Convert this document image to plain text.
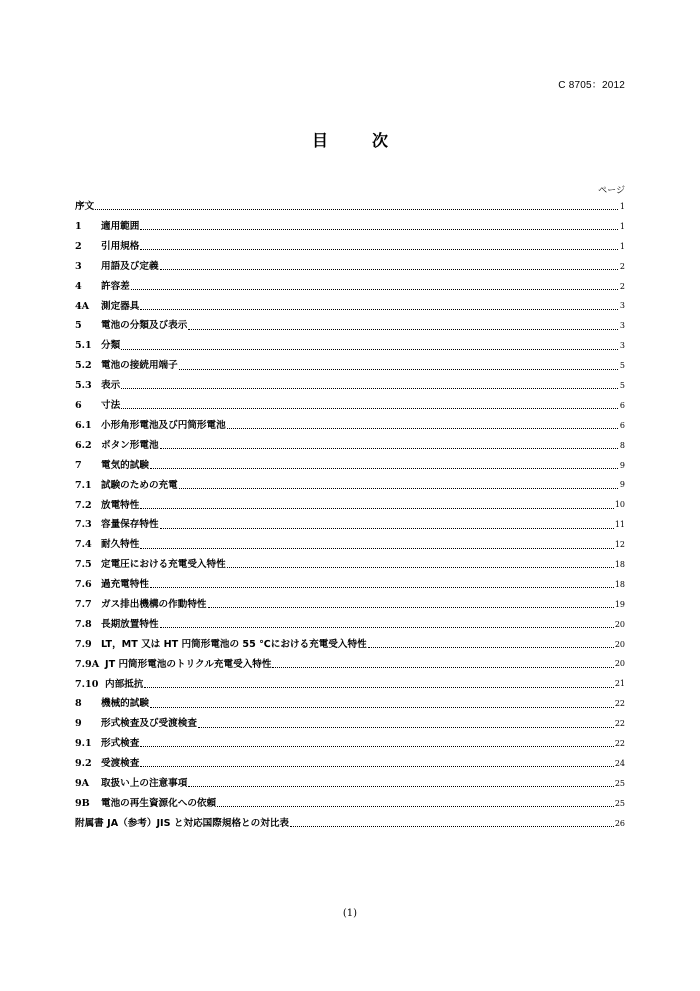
C 8705：2012
目　次
ページ
序文	1
1	適用範囲	1
2	引用規格	1
3	用語及び定義	2
4	許容差	2
4A	測定器具	3
5	電池の分類及び表示	3
5.1 分類	3
5.2 電池の接続用端子	5
5.3 表示	5
6	寸法	6
6.1 小形角形電池及び円筒形電池	6
6.2 ボタン形電池	8
7	電気的試験	9
7.1 試験のための充電	9
7.2 放電特性	10
7.3 容量保存特性	11
7.4 耐久特性	12
7.5 定電圧における充電受入特性	18
7.6 過充電特性	18
7.7 ガス排出機構の作動特性	19
7.8 長期放置特性	20
7.9 LT，MT 又は HT 円筒形電池の 55 ℃における充電受入特性	20
7.9A JT 円筒形電池のトリクル充電受入特性	20
7.10 内部抵抗	21
8	機械的試験	22
9	形式検査及び受渡検査	22
9.1 形式検査	22
9.2 受渡検査	24
9A	取扱い上の注意事項	25
9B	電池の再生資源化への依頼	25
附属書 JA（参考）JIS と対応国際規格との対比表	26
(1)
